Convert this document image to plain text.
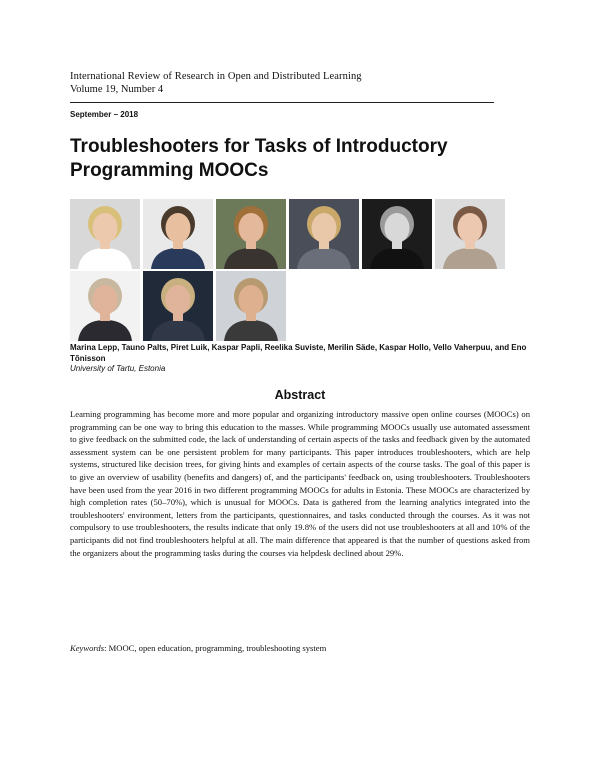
International Review of Research in Open and Distributed Learning
Volume 19, Number 4
September – 2018
Troubleshooters for Tasks of Introductory Programming MOOCs
Marina Lepp, Tauno Palts, Piret Luik, Kaspar Papli, Reelika Suviste, Merilin Säde, Kaspar Hollo, Vello Vaherpuu, and Eno Tõnisson
University of Tartu, Estonia
Abstract

Learning programming has become more and more popular and organizing introductory massive open online courses (MOOCs) on programming can be one way to bring this education to the masses. While programming MOOCs usually use automated assessment to give feedback on the submitted code, the lack of understanding of certain aspects of the tasks and feedback given by the automated assessment system can be one persistent problem for many participants. This paper introduces troubleshooters, which are help systems, structured like decision trees, for giving hints and examples of certain aspects of the course tasks. The goal of this paper is to give an overview of usability (benefits and dangers) of, and the participants' feedback on, using troubleshooters. Troubleshooters have been used from the year 2016 in two different programming MOOCs for adults in Estonia. These MOOCs are characterized by high completion rates (50–70%), which is unusual for MOOCs. Data is gathered from the learning analytics integrated into the troubleshooters' environment, letters from the participants, questionnaires, and tasks conducted through the courses. As it was not compulsory to use troubleshooters, the results indicate that only 19.8% of the users did not use troubleshooters at all and 10% of the participants did not find troubleshooters helpful at all. The main difference that appeared is that the number of questions asked from the organizers about the programming tasks during the courses via helpdesk declined about 29%.

Keywords: MOOC, open education, programming, troubleshooting system
